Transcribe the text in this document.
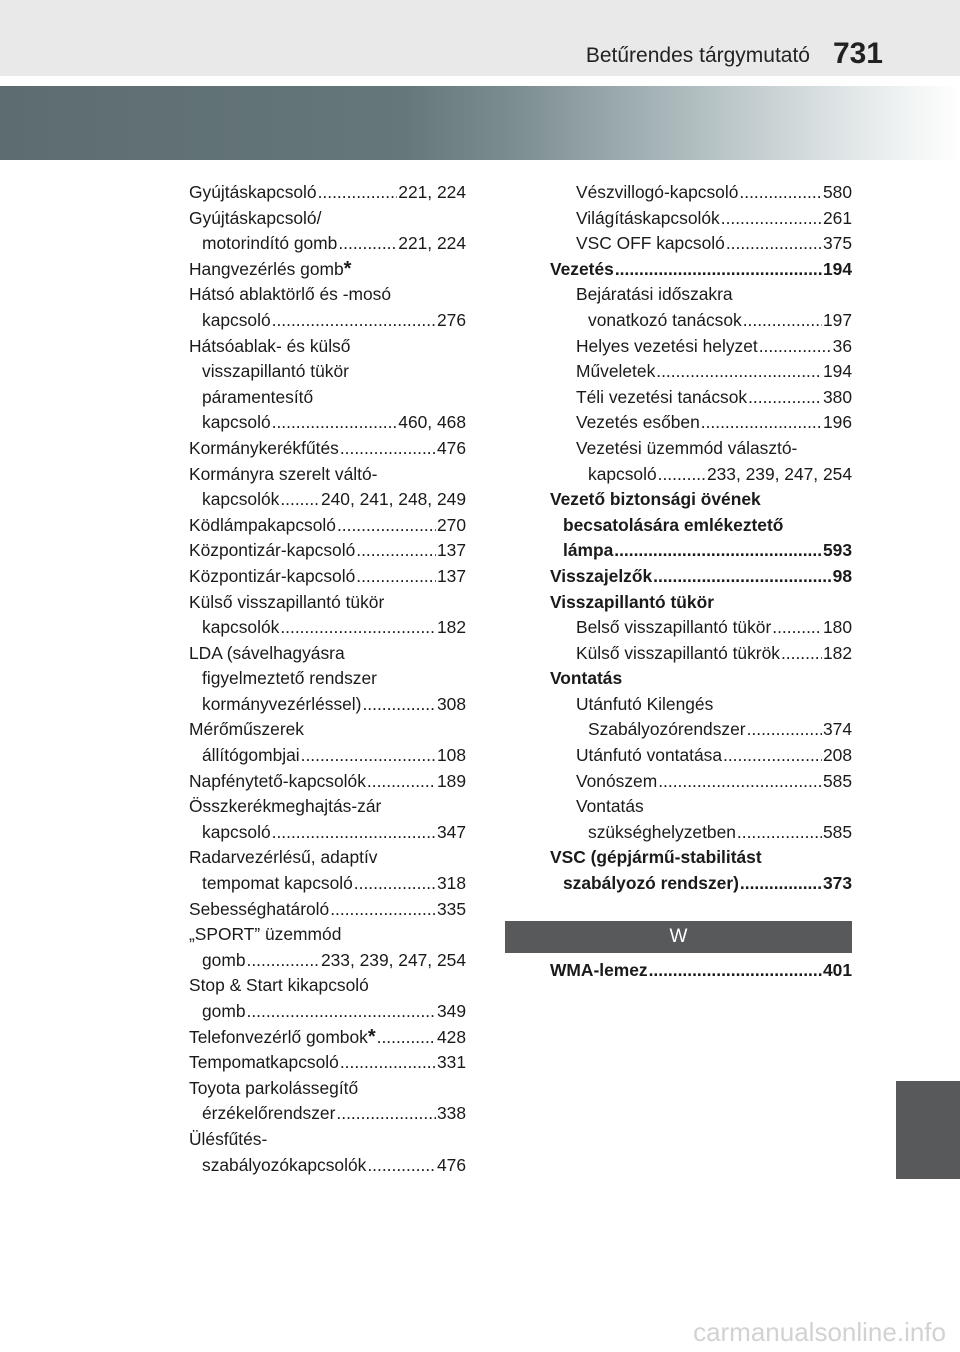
Betűrendes tárgymutató 731
Gyújtáskapcsoló .....	221, 224
Gyújtáskapcsoló/
motorindító gomb .....	221, 224
Hangvezérlés gomb *
Hátsó ablaktörlő és -mosó
kapcsoló .....	276
Hátsóablak- és külső
visszapillantó tükör
páramentesítő
kapcsoló .....	460, 468
Kormánykerékfűtés .....	476
Kormányra szerelt váltó-
kapcsolók ..... 240, 241, 248, 249
Ködlámpakapcsoló .....	270
Központizár-kapcsoló .....	137
Központizár-kapcsoló .....	137
Külső visszapillantó tükör
kapcsolók .....	182
LDA (sávelhagyásra
figyelmeztető rendszer
kormányvezérléssel) .....	308
Mérőműszerek
állítógombjai .....	108
Napfénytető-kapcsolók .....	189
Összkerékmeghajtás-zár
kapcsoló .....	347
Radarvezérlésű, adaptív
tempomat kapcsoló .....	318
Sebességhatároló .....	335
„SPORT” üzemmód
gomb .....	233, 239, 247, 254
Stop & Start kikapcsoló
gomb .....	349
Telefonvezérlő gombok * .....	428
Tempomatkapcsoló .....	331
Toyota parkolássegítő
érzékelőrendszer .....	338
Ülésfűtés-
szabályozókapcsolók .....	476
Vészvillogó-kapcsoló .....	580
Világításkapcsolók .....	261
VSC OFF kapcsoló .....	375
Vezetés .....	194
Bejáratási időszakra
vonatkozó tanácsok .....	197
Helyes vezetési helyzet .....	36
Műveletek .....	194
Téli vezetési tanácsok .....	380
Vezetés esőben .....	196
Vezetési üzemmód választó-
kapcsoló .....	233, 239, 247, 254
Vezető biztonsági övének
becsatolására emlékeztető
lámpa .....	593
Visszajelzők .....	98
Visszapillantó tükör
Belső visszapillantó tükör .....	180
Külső visszapillantó tükrök ..... 182
Vontatás
Utánfutó Kilengés
Szabályozórendszer .....	374
Utánfutó vontatása .....	208
Vonószem .....	585
Vontatás
szükséghelyzetben .....	585
VSC (gépjármű-stabilitást
szabályozó rendszer) .....	373
W
WMA-lemez .....	401
carmanualsonline.info
